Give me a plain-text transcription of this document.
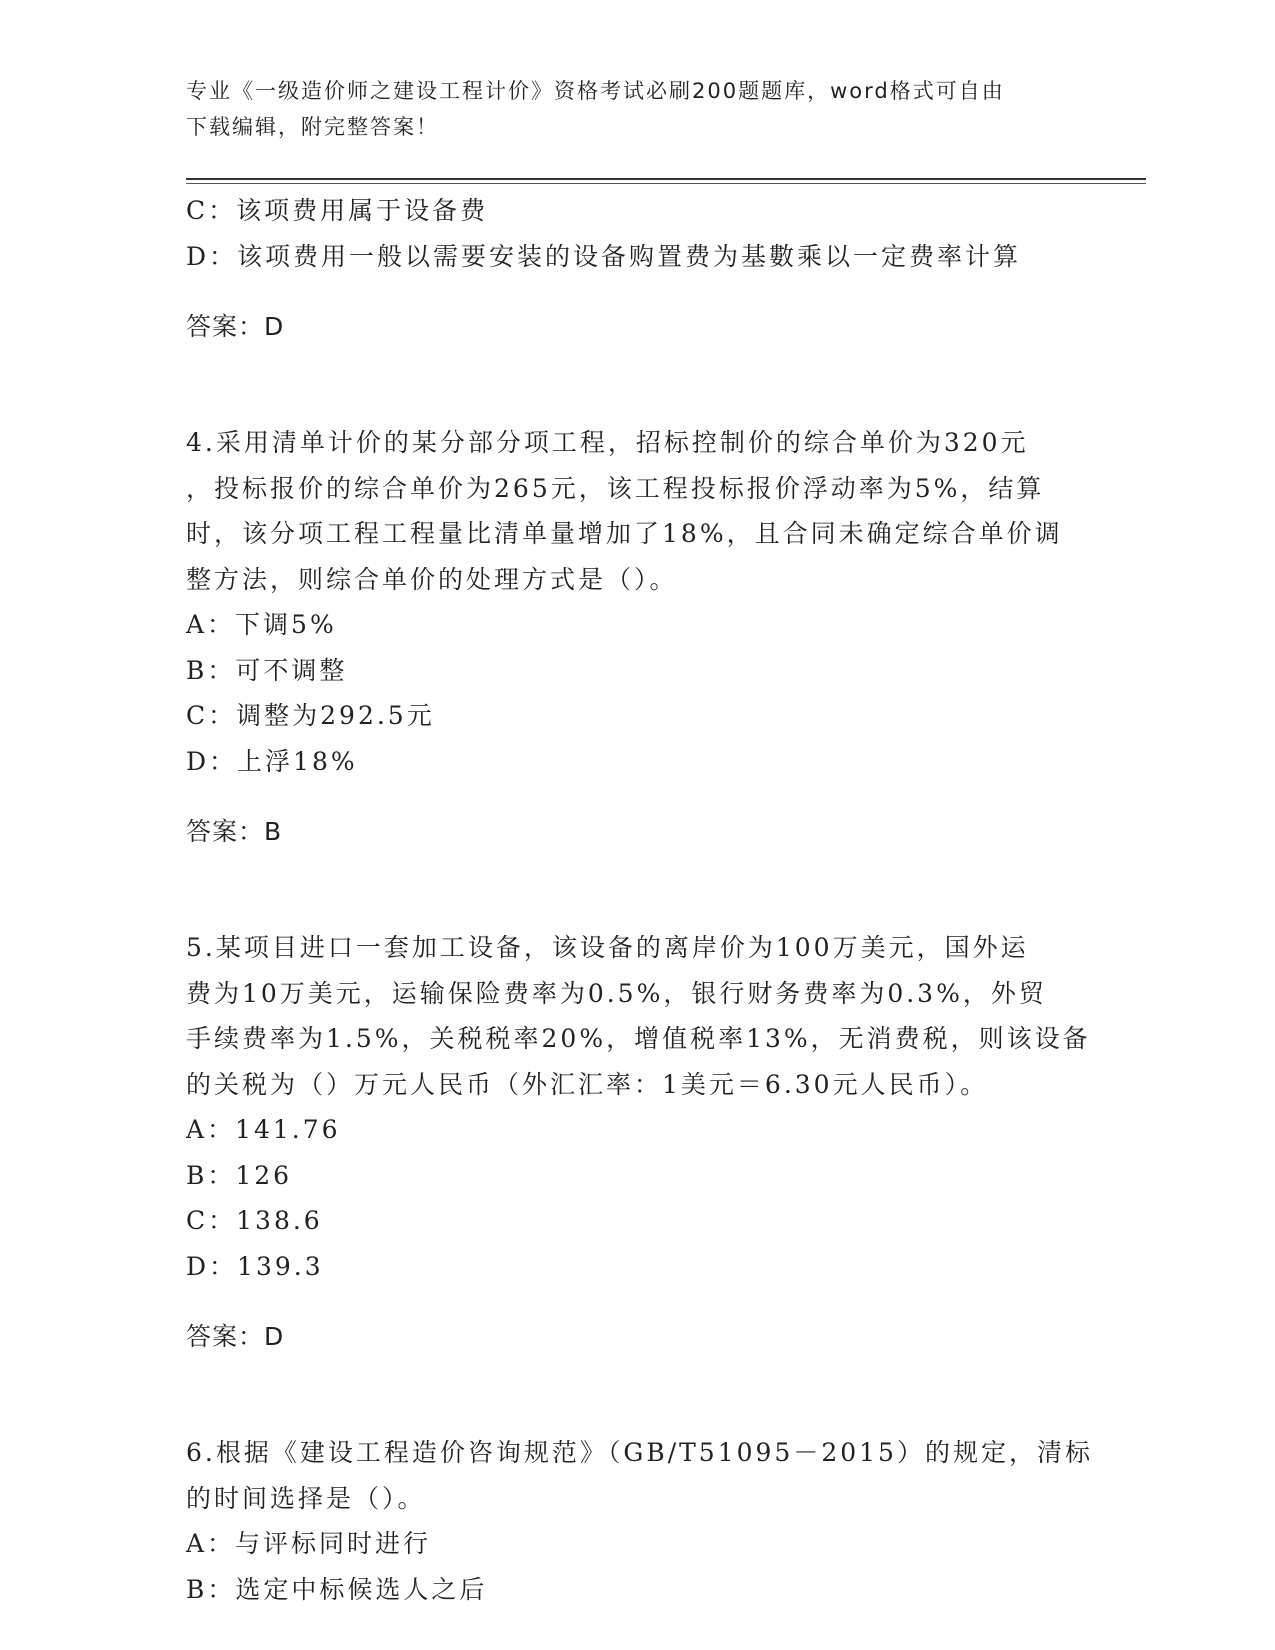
专业《一级造价师之建设工程计价》资格考试必刷200题题库，word格式可自由
下载编辑，附完整答案！

C：该项费用属于设备费

D：该项费用一般以需要安装的设备购置费为基數乘以一定费率计算

答案：D

4.采用清单计价的某分部分项工程，招标控制价的综合单价为320元

，投标报价的综合单价为265元，该工程投标报价浮动率为5%，结算

时，该分项工程工程量比清单量增加了18%，且合同未确定综合单价调

整方法，则综合单价的处理方式是（）。

A：下调5%

B：可不调整

C：调整为292.5元

D：上浮18%

答案：B

5.某项目进口一套加工设备，该设备的离岸价为100万美元，国外运

费为10万美元，运输保险费率为0.5%，银行财务费率为0.3%，外贸

手续费率为1.5%，关税税率20%，增值税率13%，无消费税，则该设备

的关税为（）万元人民币（外汇汇率：1美元＝6.30元人民币）。

A：141.76

B：126

C：138.6

D：139.3

答案：D

6.根据《建设工程造价咨询规范》（GB/T51095－2015）的规定，清标

的时间选择是（）。

A：与评标同时进行

B：选定中标候选人之后
